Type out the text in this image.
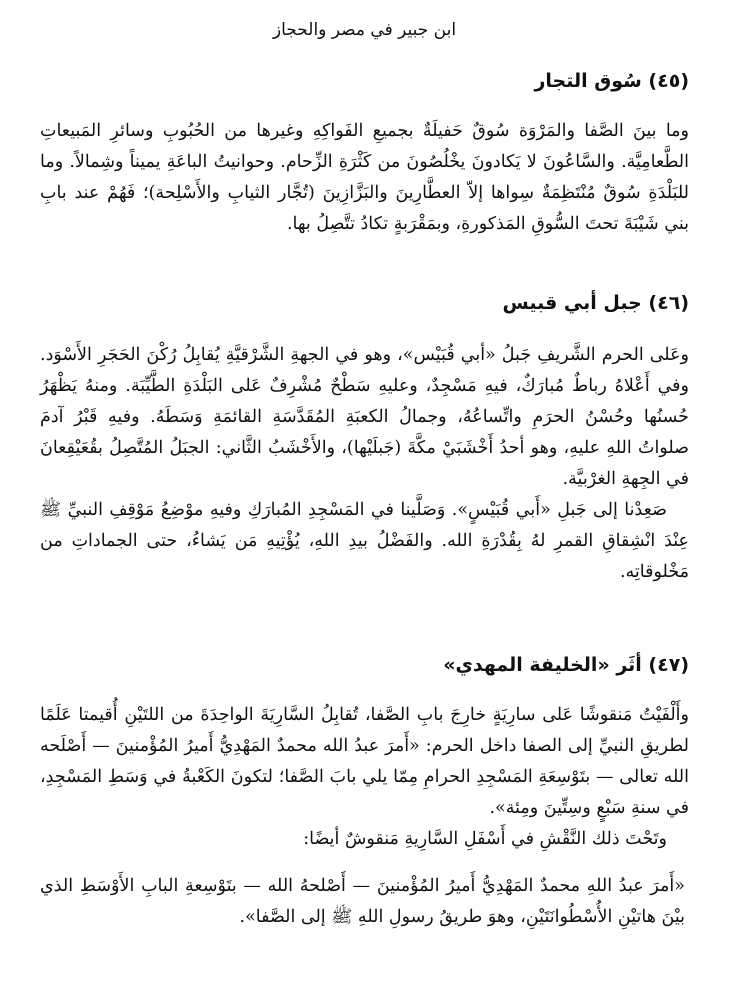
ابن جبير في مصر والحجاز
(٤٥) سُوق التجار

وما بينَ الصَّفا والمَرْوَة سُوقٌ حَفيلَةٌ بجميعِ الفَواكِهِ وغيرها من الحُبُوبِ وسائرِ المَبيعاتِ الطَّعامِيَّة. والسَّاعُونَ لا يَكادونَ يخْلُصُونَ من كَثْرَةِ الزِّحام. وحوانيتُ الباعَةِ يميناً وشِمالاً. وما للبَلْدَةِ سُوقٌ مُنْتَظِمَةٌ سِواها إلاّ العطَّارِينَ والبَزَّازِينَ (تُجَّار الثيابِ والأَسْلِحة)؛ فَهُمْ عند بابِ بني شَيْبَةَ تحتَ السُّوقِ المَذكورةِ، وبمَقْرَبةٍ تكادُ تتَّصِلُ بها.

(٤٦) جبل أبي قبيس

وعَلى الحرم الشَّريفِ جَبلُ «أبي قُبَيْس»، وهو في الجهةِ الشَّرْقيَّةِ يُقابِلُ رُكْنَ الحَجَرِ الأَسْوَد. وفي أَعْلاهُ رباطٌ مُبارَكٌ، فيهِ مَسْجِدٌ، وعليهِ سَطْحٌ مُشْرِفٌ عَلى البَلْدَةِ الطَّيِّبَة. ومنهُ يَظْهَرُ حُسنُها وحُسْنُ الحرَمِ واتِّساعُهُ، وجمالُ الكعبَةِ المُقَدَّسَةِ القائمَةِ وَسَطَهُ. وفيهِ قَبْرُ آدمَ صلواتُ اللهِ عليهِ، وهو أحدُ أَخْشَبَيْ مكَّةَ (جَبلَيْها)، والأَخْشَبُ الثَّاني: الجبَلُ المُتَّصِلُ بقُعَيْقِعانَ في الجِهةِ الغرْبيَّة.

صَعِدْنا إلى جَبلِ «أَبي قُبَيْسٍ». وَصَلَّينا في المَسْجِدِ المُبارَكِ وفيهِ موْضِعُ مَوْقِفِ النبيِّ ﷺ عِنْدَ انْشِقاقِ القمرِ لهُ بِقُدْرَةِ الله. والفَضْلُ بيدِ اللهِ، يُؤْتِيهِ مَن يَشاءُ، حتى الجماداتِ من مَخْلوقاتِه.

(٤٧) أثَر «الخليفة المهدي»

وأَلْفَيْتُ مَنقوشًا عَلى سارِيَةٍ خارِجَ بابِ الصَّفا، تُقابِلُ السَّارِيَةَ الواحِدَةَ من اللتَيْنِ أُقيمتا عَلَمًا لطريقِ النبيِّ إلى الصفا داخل الحرم: «أَمرَ عبدُ الله محمدٌ المَهْدِيُّ أَميرُ المُؤْمنينَ — أَصْلَحه الله تعالى — بتَوْسِعَةِ المَسْجِدِ الحرامِ مِمّا يلي بابَ الصَّفا؛ لتكونَ الكَعْبةُ في وَسَطِ المَسْجِدِ، في سنةِ سَبْعٍ وسِتِّينَ ومِئة».

وتَحْتَ ذلك النَّقْشِ في أَسْفَلِ السَّارِيةِ مَنقوشٌ أيضًا:

«أَمرَ عبدُ اللهِ محمدٌ المَهْدِيُّ أَميرُ المُؤْمنينَ — أَصْلحهُ الله — بتَوْسِعةِ البابِ الأَوْسَطِ الذي بيْنَ هاتيْنِ الأُسْطُوانَتَيْنِ، وهوَ طريقُ رسولِ اللهِ ﷺ إلى الصَّفا».
